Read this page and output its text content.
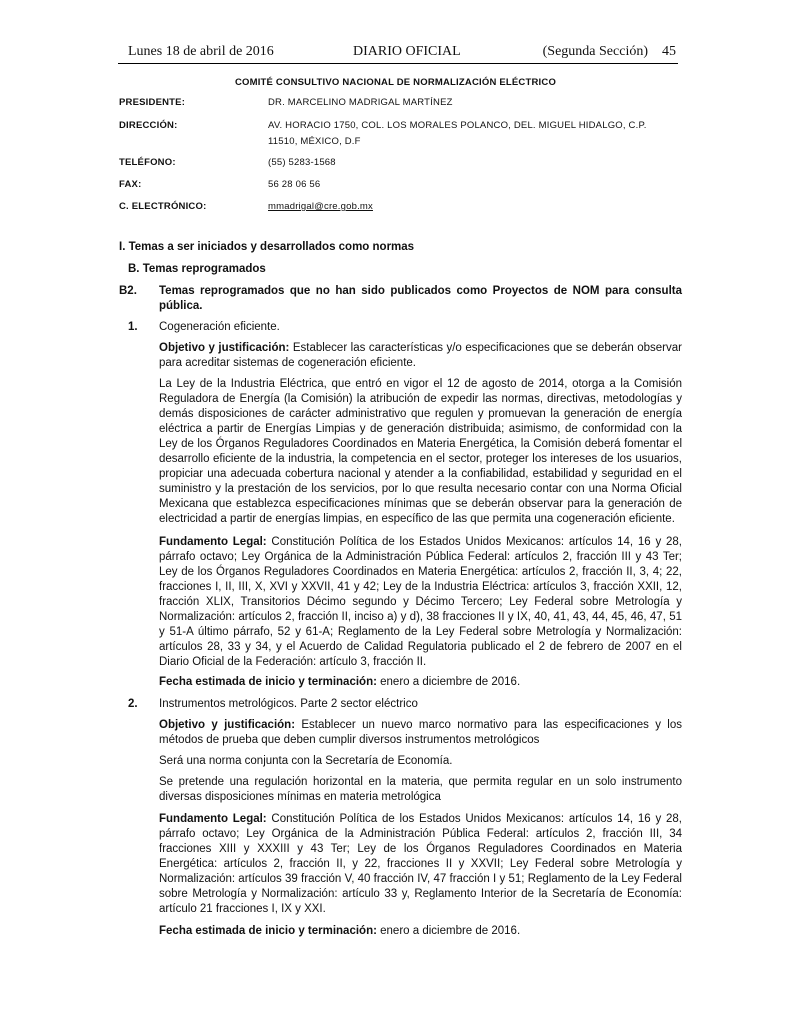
Lunes 18 de abril de 2016	DIARIO OFICIAL	(Segunda Sección) 45
COMITÉ CONSULTIVO NACIONAL DE NORMALIZACIÓN ELÉCTRICO
PRESIDENTE:	DR. MARCELINO MADRIGAL MARTÍNEZ
DIRECCIÓN:	AV. HORACIO 1750, COL. LOS MORALES POLANCO, DEL. MIGUEL HIDALGO, C.P. 11510, MÉXICO, D.F
TELÉFONO:	(55) 5283-1568
FAX:	56 28 06 56
C. ELECTRÓNICO:	mmadrigal@cre.gob.mx
I. Temas a ser iniciados y desarrollados como normas
B. Temas reprogramados
B2.	Temas reprogramados que no han sido publicados como Proyectos de NOM para consulta pública.
1. Cogeneración eficiente.
Objetivo y justificación: Establecer las características y/o especificaciones que se deberán observar para acreditar sistemas de cogeneración eficiente.
La Ley de la Industria Eléctrica, que entró en vigor el 12 de agosto de 2014, otorga a la Comisión Reguladora de Energía (la Comisión) la atribución de expedir las normas, directivas, metodologías y demás disposiciones de carácter administrativo que regulen y promuevan la generación de energía eléctrica a partir de Energías Limpias y de generación distribuida; asimismo, de conformidad con la Ley de los Órganos Reguladores Coordinados en Materia Energética, la Comisión deberá fomentar el desarrollo eficiente de la industria, la competencia en el sector, proteger los intereses de los usuarios, propiciar una adecuada cobertura nacional y atender a la confiabilidad, estabilidad y seguridad en el suministro y la prestación de los servicios, por lo que resulta necesario contar con una Norma Oficial Mexicana que establezca especificaciones mínimas que se deberán observar para la generación de electricidad a partir de energías limpias, en específico de las que permita una cogeneración eficiente.
Fundamento Legal: Constitución Política de los Estados Unidos Mexicanos: artículos 14, 16 y 28, párrafo octavo; Ley Orgánica de la Administración Pública Federal: artículos 2, fracción III y 43 Ter; Ley de los Órganos Reguladores Coordinados en Materia Energética: artículos 2, fracción II, 3, 4; 22, fracciones I, II, III, X, XVI y XXVII, 41 y 42; Ley de la Industria Eléctrica: artículos 3, fracción XXII, 12, fracción XLIX, Transitorios Décimo segundo y Décimo Tercero; Ley Federal sobre Metrología y Normalización: artículos 2, fracción II, inciso a) y d), 38 fracciones II y IX, 40, 41, 43, 44, 45, 46, 47, 51 y 51-A último párrafo, 52 y 61-A; Reglamento de la Ley Federal sobre Metrología y Normalización: artículos 28, 33 y 34, y el Acuerdo de Calidad Regulatoria publicado el 2 de febrero de 2007 en el Diario Oficial de la Federación: artículo 3, fracción II.
Fecha estimada de inicio y terminación: enero a diciembre de 2016.
2. Instrumentos metrológicos. Parte 2 sector eléctrico
Objetivo y justificación: Establecer un nuevo marco normativo para las especificaciones y los métodos de prueba que deben cumplir diversos instrumentos metrológicos
Será una norma conjunta con la Secretaría de Economía.
Se pretende una regulación horizontal en la materia, que permita regular en un solo instrumento diversas disposiciones mínimas en materia metrológica
Fundamento Legal: Constitución Política de los Estados Unidos Mexicanos: artículos 14, 16 y 28, párrafo octavo; Ley Orgánica de la Administración Pública Federal: artículos 2, fracción III, 34 fracciones XIII y XXXIII y 43 Ter; Ley de los Órganos Reguladores Coordinados en Materia Energética: artículos 2, fracción II, y 22, fracciones II y XXVII; Ley Federal sobre Metrología y Normalización: artículos 39 fracción V, 40 fracción IV, 47 fracción I y 51; Reglamento de la Ley Federal sobre Metrología y Normalización: artículo 33 y, Reglamento Interior de la Secretaría de Economía: artículo 21 fracciones I, IX y XXI.
Fecha estimada de inicio y terminación: enero a diciembre de 2016.
